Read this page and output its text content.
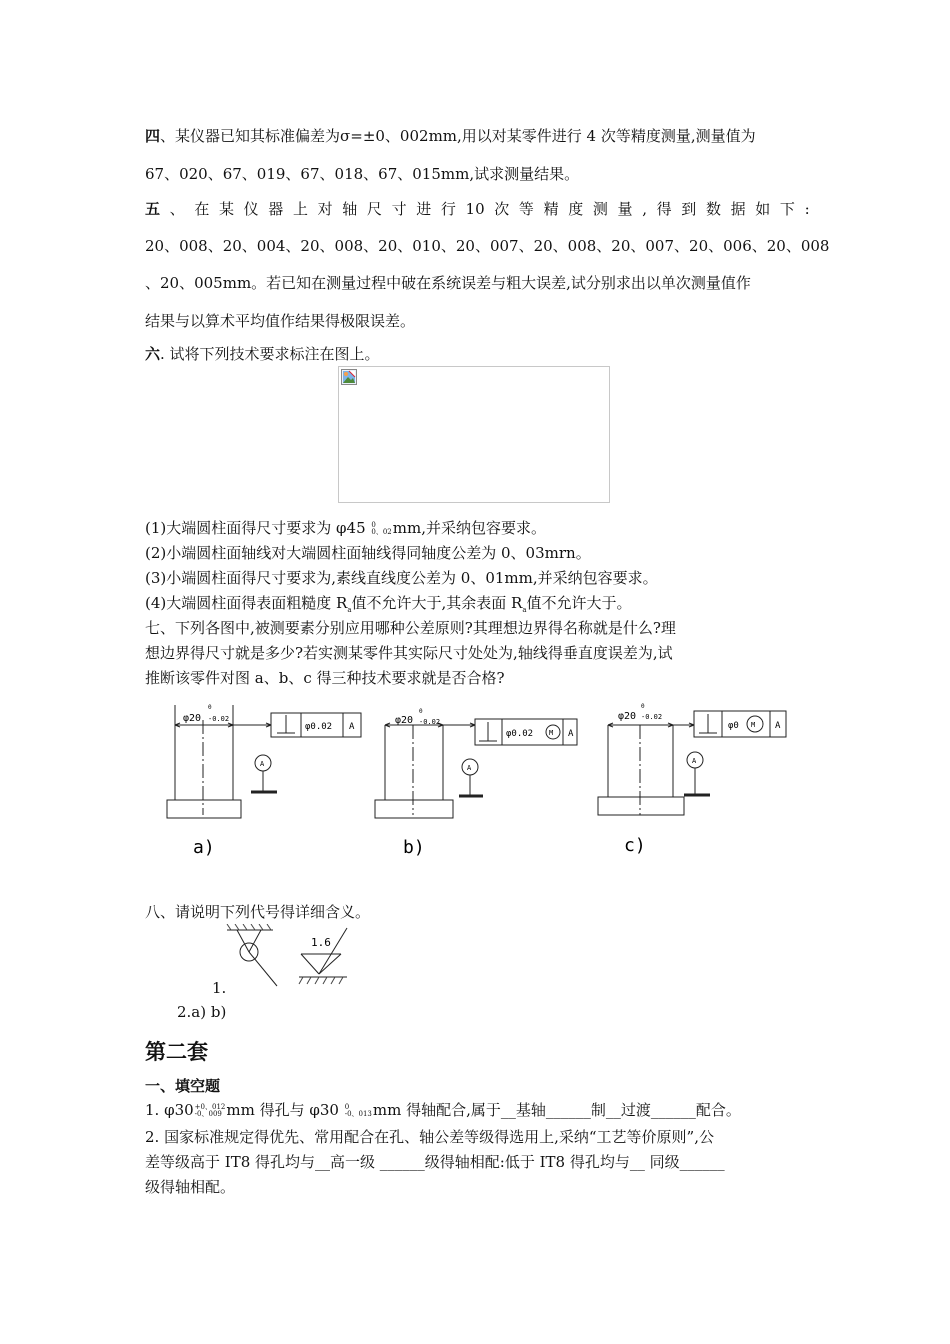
四、某仪器已知其标准偏差为σ=±0、002mm,用以对某零件进行 4 次等精度测量,测量值为
67、020、67、019、67、018、67、015mm,试求测量结果。
五 、 在 某 仪 器 上 对 轴 尺 寸 进 行 10 次 等 精 度 测 量 , 得 到 数 据 如 下 :
20、008、20、004、20、008、20、010、20、007、20、008、20、007、20、006、20、008
、20、005mm。若已知在测量过程中破在系统误差与粗大误差,试分别求出以单次测量值作
结果与以算术平均值作结果得极限误差。
六. 试将下列技术要求标注在图上。
(1)大端圆柱面得尺寸要求为 φ45 0
0、02 mm,并采纳包容要求。
(2)小端圆柱面轴线对大端圆柱面轴线得同轴度公差为 0、03mrn。
(3)小端圆柱面得尺寸要求为,素线直线度公差为 0、01mm,并采纳包容要求。
(4)大端圆柱面得表面粗糙度 $R_a$值不允许大于,其余表面 $R_a$值不允许大于。
七、下列各图中,被测要素分别应用哪种公差原则?其理想边界得名称就是什么?理
想边界得尺寸就是多少?若实测某零件其实际尺寸处处为,轴线得垂直度误差为,试
推断该零件对图 a、b、c 得三种技术要求就是否合格?
φ20
0
-0.02
φ0.02 A
A
a)
φ20
0
-0.02
φ0.02 M A
A
b)
φ20
0
-0.02
φ0 M A
A
c)
八、请说明下列代号得详细含义。
1.6
1.
2.a) b)
第二套
一、填空题
1. φ30 +0、012
-0、009 mm 得孔与 φ30 0
-0、013 mm 得轴配合,属于__基轴______制__过渡______配合。
2. 国家标准规定得优先、常用配合在孔、轴公差等级得选用上,采纳“工艺等价原则”,公
差等级高于 IT8 得孔均与__高一级 ______级得轴相配:低于 IT8 得孔均与__ 同级______
级得轴相配。
